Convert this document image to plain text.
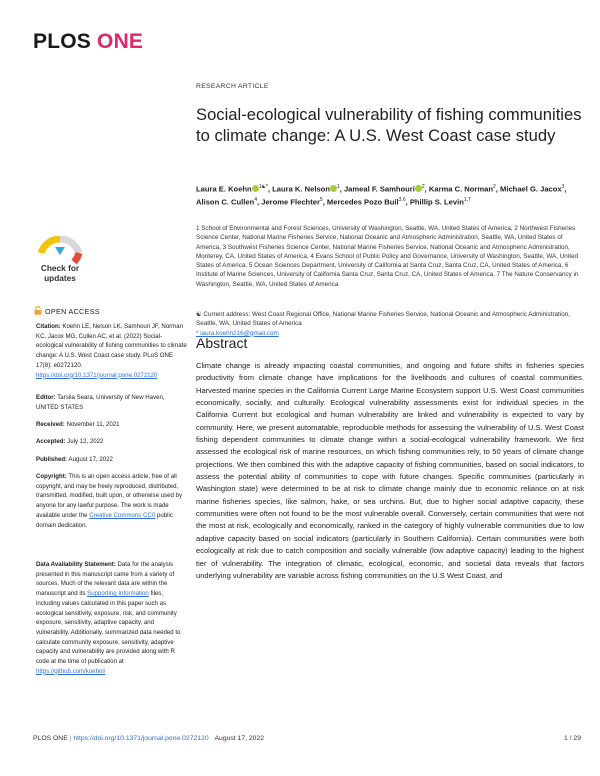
PLOS ONE
Check for
updates
OPEN ACCESS
Citation: Koehn LE, Nelson LK, Samhouri JF, Norman KC, Jacox MG, Cullen AC, et al. (2022) Social-ecological vulnerability of fishing communities to climate change: A U.S. West Coast case study. PLoS ONE 17(8): e0272120. https://doi.org/10.1371/journal.pone.0272120
Editor: Tarsila Seara, University of New Haven, UNITED STATES
Received: November 11, 2021
Accepted: July 12, 2022
Published: August 17, 2022
Copyright: This is an open access article, free of all copyright, and may be freely reproduced, distributed, transmitted, modified, built upon, or otherwise used by anyone for any lawful purpose. The work is made available under the Creative Commons CC0 public domain dedication.
Data Availability Statement: Data for the analysis presented in this manuscript came from a variety of sources. Much of the relevant data are within the manuscript and its Supporting Information files, including values calculated in this paper such as ecological sensitivity, exposure, risk, and community exposure, sensitivity, adaptive capacity, and vulnerability. Additionally, summarized data needed to calculate community exposure, sensitivity, adaptive capacity and vulnerability are provided along with R code at the time of publication at https://github.com/koehnl/
RESEARCH ARTICLE
Social-ecological vulnerability of fishing communities to climate change: A U.S. West Coast case study
Laura E. Koehn $^{1☯*}$, Laura K. Nelson $^1$, Jameal F. Samhouri $^2$, Karma C. Norman$^2$, Michael G. Jacox$^3$, Alison C. Cullen$^4$, Jerome Flechter$^5$, Mercedes Pozo Buil$^{3,6}$, Phillip S. Levin$^{1,7}$
1 School of Environmental and Forest Sciences, University of Washington, Seattle, WA, United States of America, 2 Northwest Fisheries Science Center, National Marine Fisheries Service, National Oceanic and Atmospheric Administration, Seattle, WA, United States of America, 3 Southwest Fisheries Science Center, National Marine Fisheries Service, National Oceanic and Atmospheric Administration, Monterey, CA, United States of America, 4 Evans School of Public Policy and Governance, University of Washington, Seattle, WA, United States of America, 5 Ocean Sciences Department, University of California at Santa Cruz, Santa Cruz, CA, United States of America, 6 Institute of Marine Sciences, University of California Santa Cruz, Santa Cruz, CA, United States of America, 7 The Nature Conservancy in Washington, Seattle, WA, United States of America
☯ Current address: West Coast Regional Office, National Marine Fisheries Service, National Oceanic and Atmospheric Administration, Seattle, WA, United States of America
* laura.koehn216@gmail.com
Abstract
Climate change is already impacting coastal communities, and ongoing and future shifts in fisheries species productivity from climate change have implications for the livelihoods and cultures of coastal communities. Harvested marine species in the California Current Large Marine Ecosystem support U.S. West Coast communities economically, socially, and culturally. Ecological vulnerability assessments exist for individual species in the California Current but ecological and human vulnerability are linked and vulnerability is expected to vary by community. Here, we present automatable, reproducible methods for assessing the vulnerability of U.S. West Coast fishing dependent communities to climate change within a social-ecological vulnerability framework. We first assessed the ecological risk of marine resources, on which fishing communities rely, to 50 years of climate change projections. We then combined this with the adaptive capacity of fishing communities, based on social indicators, to assess the potential ability of communities to cope with future changes. Specific communities (particularly in Washington state) were determined to be at risk to climate change mainly due to economic reliance on at risk marine fisheries species, like salmon, hake, or sea urchins. But, due to higher social adaptive capacity, these communities were often not found to be the most vulnerable overall. Conversely, certain communities that were not the most at risk, ecologically and economically, ranked in the category of highly vulnerable communities due to low adaptive capacity based on social indicators (particularly in Southern California). Certain communities were both ecologically at risk due to catch composition and socially vulnerable (low adaptive capacity) leading to the highest tier of vulnerability. The integration of climatic, ecological, economic, and societal data reveals that factors underlying vulnerability are variable across fishing communities on the U.S West Coast, and
PLOS ONE | https://doi.org/10.1371/journal.pone.0272120 August 17, 2022	1 / 29
